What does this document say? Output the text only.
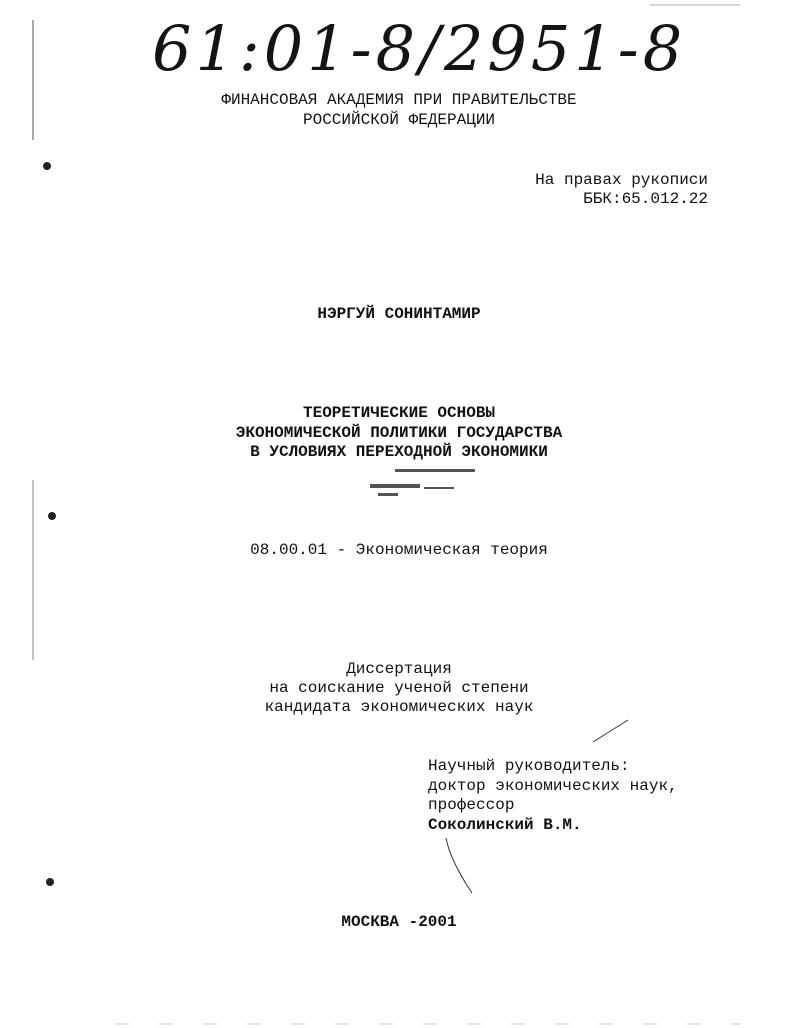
61:01-8/2951-8
ФИНАНСОВАЯ АКАДЕМИЯ ПРИ ПРАВИТЕЛЬСТВЕ
РОССИЙСКОЙ ФЕДЕРАЦИИ
На правах рукописи
ББК:65.012.22
НЭРГУЙ СОНИНТАМИР
ТЕОРЕТИЧЕСКИЕ ОСНОВЫ
ЭКОНОМИЧЕСКОЙ ПОЛИТИКИ ГОСУДАРСТВА
В УСЛОВИЯХ ПЕРЕХОДНОЙ ЭКОНОМИКИ
08.00.01 - Экономическая теория
Диссертация
на соискание ученой степени
кандидата экономических наук
Научный руководитель:
доктор экономических наук,
профессор
Соколинский В.М.
МОСКВА -2001
